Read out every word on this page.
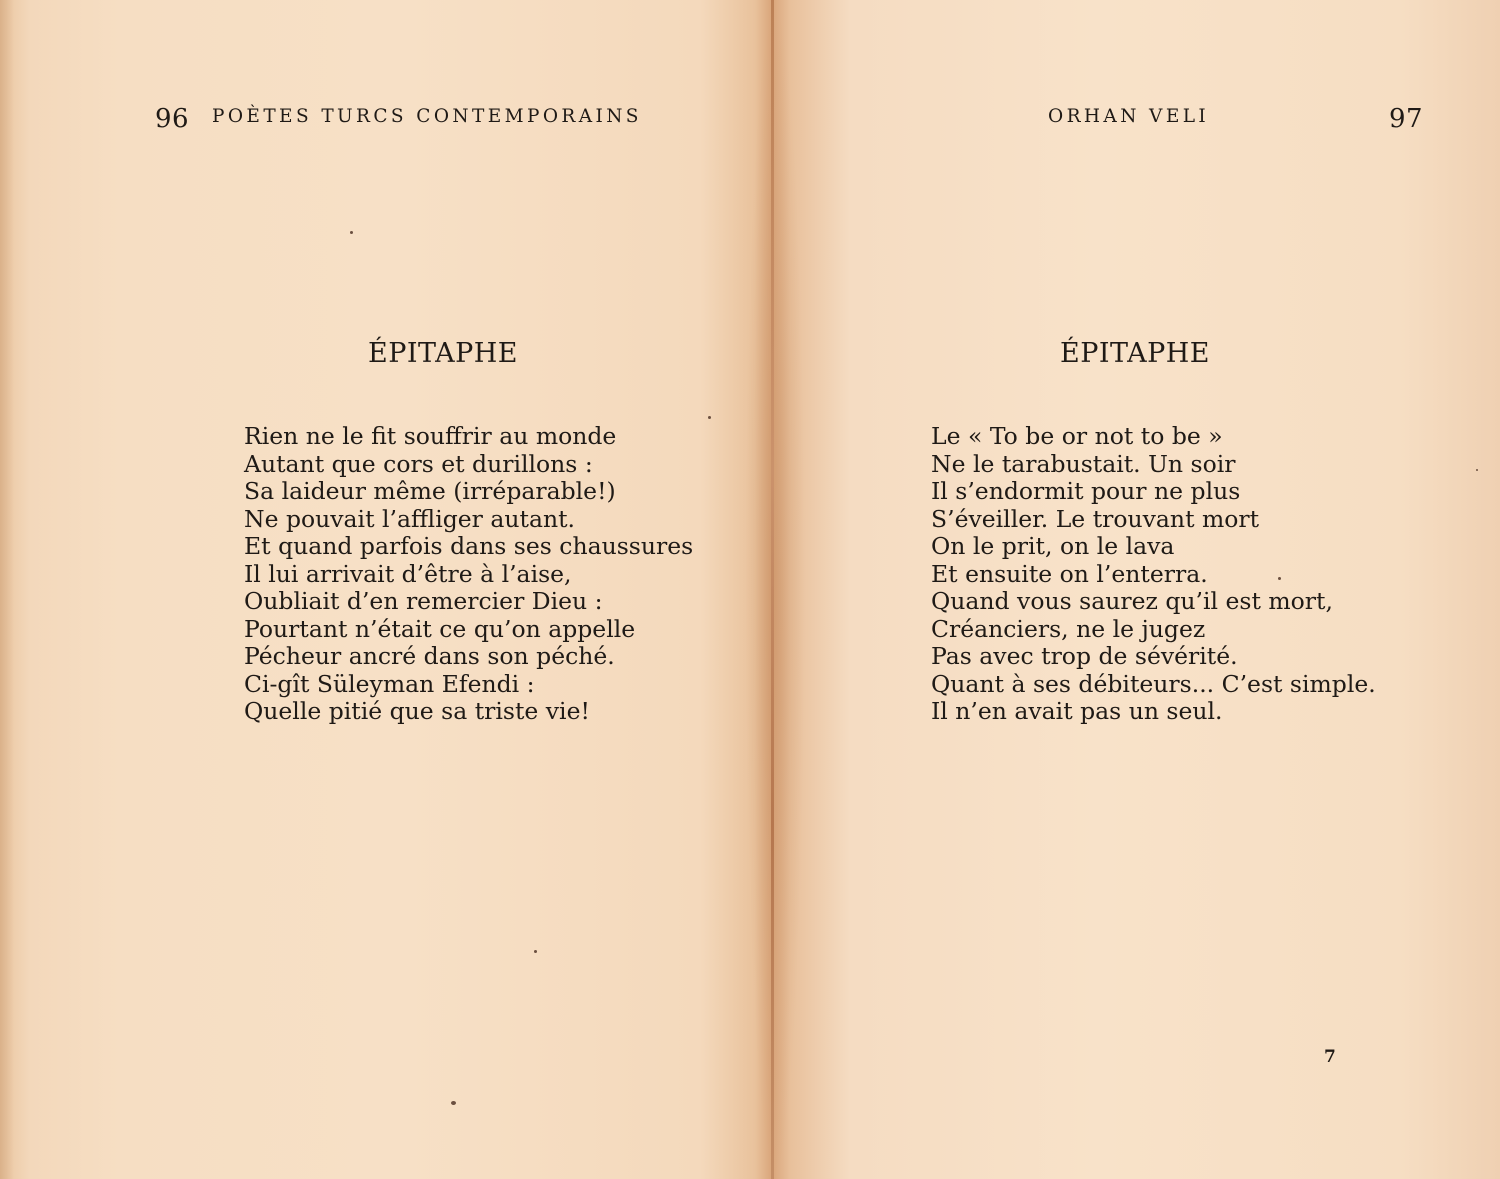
96 POÈTES TURCS CONTEMPORAINS
ÉPITAPHE
Rien ne le fit souffrir au monde
Autant que cors et durillons :
Sa laideur même (irréparable!)
Ne pouvait l’affliger autant.
Et quand parfois dans ses chaussures
Il lui arrivait d’être à l’aise,
Oubliait d’en remercier Dieu :
Pourtant n’était ce qu’on appelle
Pécheur ancré dans son péché.
Ci-gît Süleyman Efendi :
Quelle pitié que sa triste vie!
ORHAN VELI	97
ÉPITAPHE
Le « To be or not to be »
Ne le tarabustait. Un soir
Il s’endormit pour ne plus
S’éveiller. Le trouvant mort
On le prit, on le lava
Et ensuite on l’enterra.
Quand vous saurez qu’il est mort,
Créanciers, ne le jugez
Pas avec trop de sévérité.
Quant à ses débiteurs... C’est simple.
Il n’en avait pas un seul.
7
